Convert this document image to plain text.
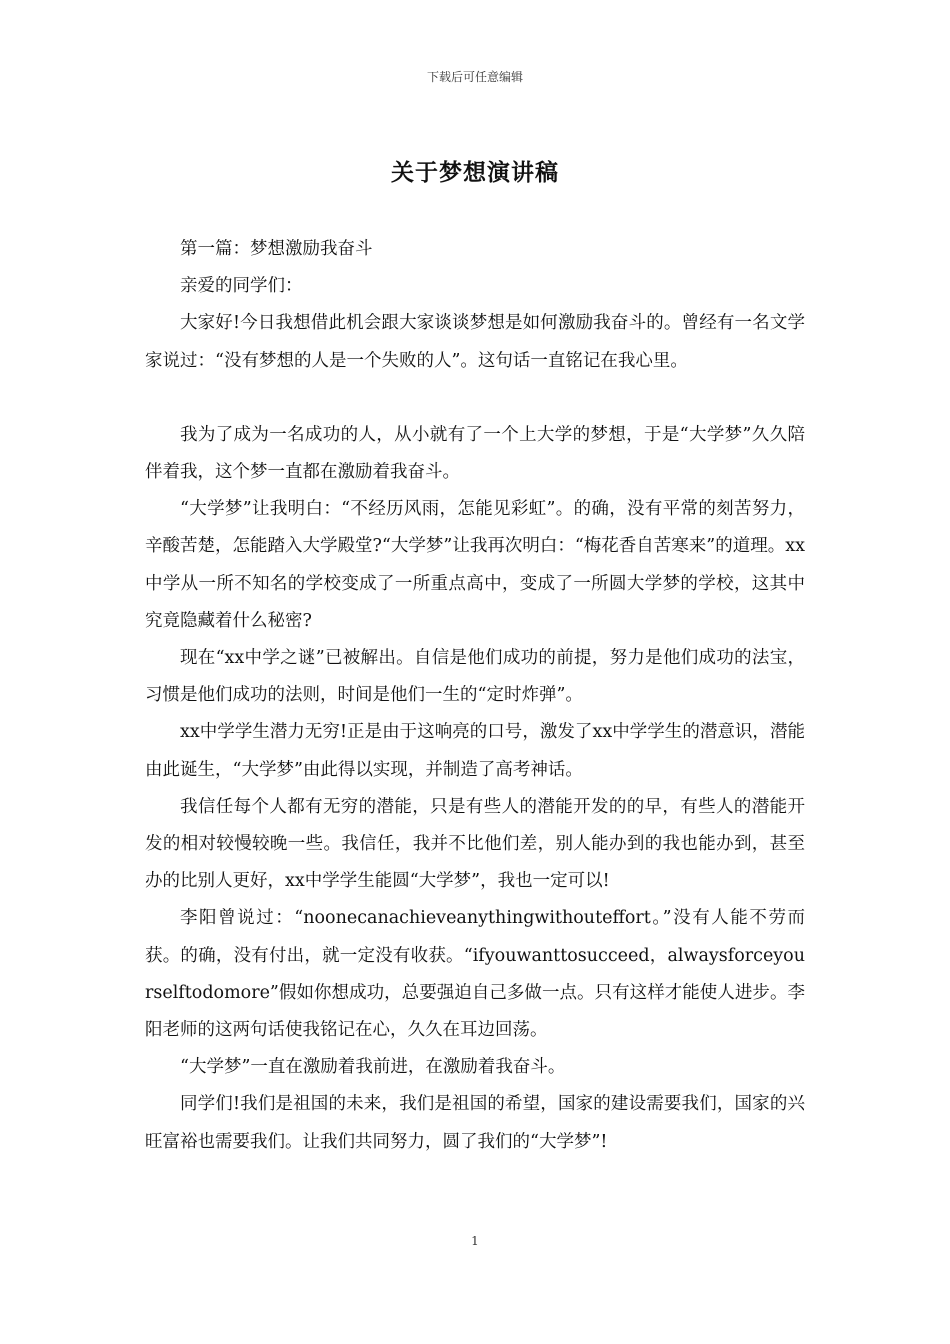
下载后可任意编辑
关于梦想演讲稿

第一篇：梦想激励我奋斗

亲爱的同学们：

大家好!今日我想借此机会跟大家谈谈梦想是如何激励我奋斗的。曾经有一名文学家说过：“没有梦想的人是一个失败的人”。这句话一直铭记在我心里。

我为了成为一名成功的人，从小就有了一个上大学的梦想，于是“大学梦”久久陪伴着我，这个梦一直都在激励着我奋斗。

“大学梦”让我明白：“不经历风雨，怎能见彩虹”。的确，没有平常的刻苦努力，辛酸苦楚，怎能踏入大学殿堂?“大学梦”让我再次明白：“梅花香自苦寒来”的道理。xx中学从一所不知名的学校变成了一所重点高中，变成了一所圆大学梦的学校，这其中究竟隐藏着什么秘密?

现在“xx中学之谜”已被解出。自信是他们成功的前提，努力是他们成功的法宝，习惯是他们成功的法则，时间是他们一生的“定时炸弹”。

xx中学学生潜力无穷!正是由于这响亮的口号，激发了xx中学学生的潜意识，潜能由此诞生，“大学梦”由此得以实现，并制造了高考神话。

我信任每个人都有无穷的潜能，只是有些人的潜能开发的的早，有些人的潜能开发的相对较慢较晚一些。我信任，我并不比他们差，别人能办到的我也能办到，甚至办的比别人更好，xx中学学生能圆“大学梦”，我也一定可以!

李阳曾说过：“noonecanachieveanythingwithouteffort。”没有人能不劳而获。的确，没有付出，就一定没有收获。“ifyouwanttosucceed，alwaysforceyourselftodomore”假如你想成功，总要强迫自己多做一点。只有这样才能使人进步。李阳老师的这两句话使我铭记在心，久久在耳边回荡。

“大学梦”一直在激励着我前进，在激励着我奋斗。

同学们!我们是祖国的未来，我们是祖国的希望，国家的建设需要我们，国家的兴旺富裕也需要我们。让我们共同努力，圆了我们的“大学梦”!

1
